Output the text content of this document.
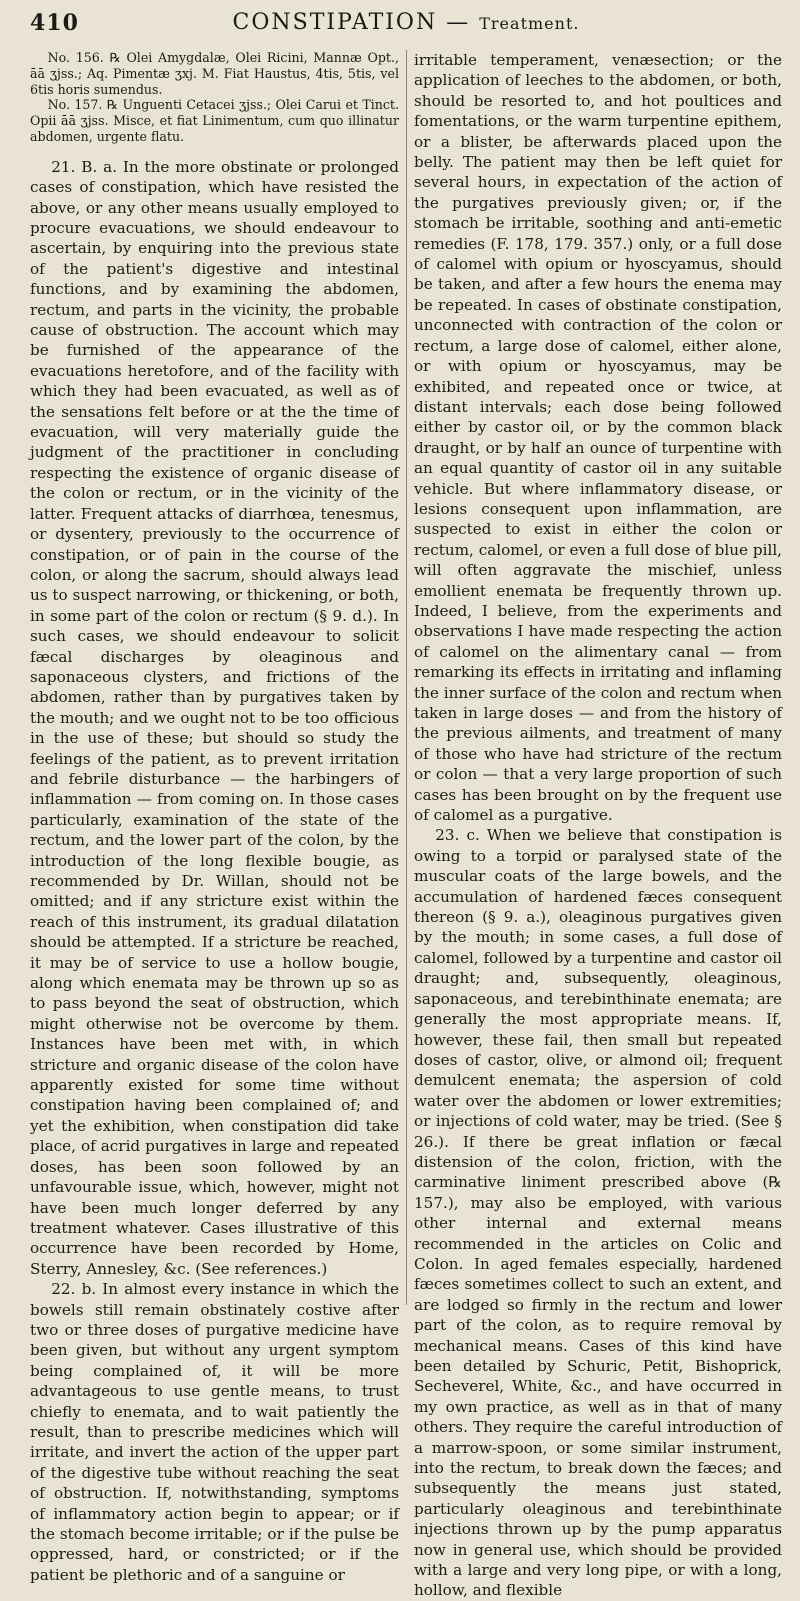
410	CONSTIPATION — Treatment.

No. 156. ℞ Olei Amygdalæ, Olei Ricini, Mannæ Opt., āā ʒjss.; Aq. Pimentæ ʒxj. M. Fiat Haustus, 4tis, 5tis, vel 6tis horis sumendus.

No. 157. ℞ Unguenti Cetacei ʒjss.; Olei Carui et Tinct. Opii āā ʒjss. Misce, et fiat Linimentum, cum quo illinatur abdomen, urgente flatu.

21. B. a. In the more obstinate or prolonged cases of constipation, which have resisted the above, or any other means usually employed to procure evacuations, we should endeavour to ascertain, by enquiring into the previous state of the patient's digestive and intestinal functions, and by examining the abdomen, rectum, and parts in the vicinity, the probable cause of obstruction. The account which may be furnished of the appearance of the evacuations heretofore, and of the facility with which they had been evacuated, as well as of the sensations felt before or at the the time of evacuation, will very materially guide the judgment of the practitioner in concluding respecting the existence of organic disease of the colon or rectum, or in the vicinity of the latter. Frequent attacks of diarrhœa, tenesmus, or dysentery, previously to the occurrence of constipation, or of pain in the course of the colon, or along the sacrum, should always lead us to suspect narrowing, or thickening, or both, in some part of the colon or rectum (§ 9. d.). In such cases, we should endeavour to solicit fæcal discharges by oleaginous and saponaceous clysters, and frictions of the abdomen, rather than by purgatives taken by the mouth; and we ought not to be too officious in the use of these; but should so study the feelings of the patient, as to prevent irritation and febrile disturbance — the harbingers of inflammation — from coming on. In those cases particularly, examination of the state of the rectum, and the lower part of the colon, by the introduction of the long flexible bougie, as recommended by Dr. Willan, should not be omitted; and if any stricture exist within the reach of this instrument, its gradual dilatation should be attempted. If a stricture be reached, it may be of service to use a hollow bougie, along which enemata may be thrown up so as to pass beyond the seat of obstruction, which might otherwise not be overcome by them. Instances have been met with, in which stricture and organic disease of the colon have apparently existed for some time without constipation having been complained of; and yet the exhibition, when constipation did take place, of acrid purgatives in large and repeated doses, has been soon followed by an unfavourable issue, which, however, might not have been much longer deferred by any treatment whatever. Cases illustrative of this occurrence have been recorded by Home, Sterry, Annesley, &c. (See references.)

22. b. In almost every instance in which the bowels still remain obstinately costive after two or three doses of purgative medicine have been given, but without any urgent symptom being complained of, it will be more advantageous to use gentle means, to trust chiefly to enemata, and to wait patiently the result, than to prescribe medicines which will irritate, and invert the action of the upper part of the digestive tube without reaching the seat of obstruction. If, notwithstanding, symptoms of inflammatory action begin to appear; or if the stomach become irritable; or if the pulse be oppressed, hard, or constricted; or if the patient be plethoric and of a sanguine or

irritable temperament, venæsection; or the application of leeches to the abdomen, or both, should be resorted to, and hot poultices and fomentations, or the warm turpentine epithem, or a blister, be afterwards placed upon the belly. The patient may then be left quiet for several hours, in expectation of the action of the purgatives previously given; or, if the stomach be irritable, soothing and anti-emetic remedies (F. 178, 179. 357.) only, or a full dose of calomel with opium or hyoscyamus, should be taken, and after a few hours the enema may be repeated. In cases of obstinate constipation, unconnected with contraction of the colon or rectum, a large dose of calomel, either alone, or with opium or hyoscyamus, may be exhibited, and repeated once or twice, at distant intervals; each dose being followed either by castor oil, or by the common black draught, or by half an ounce of turpentine with an equal quantity of castor oil in any suitable vehicle. But where inflammatory disease, or lesions consequent upon inflammation, are suspected to exist in either the colon or rectum, calomel, or even a full dose of blue pill, will often aggravate the mischief, unless emollient enemata be frequently thrown up. Indeed, I believe, from the experiments and observations I have made respecting the action of calomel on the alimentary canal — from remarking its effects in irritating and inflaming the inner surface of the colon and rectum when taken in large doses — and from the history of the previous ailments, and treatment of many of those who have had stricture of the rectum or colon — that a very large proportion of such cases has been brought on by the frequent use of calomel as a purgative.

23. c. When we believe that constipation is owing to a torpid or paralysed state of the muscular coats of the large bowels, and the accumulation of hardened fæces consequent thereon (§ 9. a.), oleaginous purgatives given by the mouth; in some cases, a full dose of calomel, followed by a turpentine and castor oil draught; and, subsequently, oleaginous, saponaceous, and terebinthinate enemata; are generally the most appropriate means. If, however, these fail, then small but repeated doses of castor, olive, or almond oil; frequent demulcent enemata; the aspersion of cold water over the abdomen or lower extremities; or injections of cold water, may be tried. (See § 26.). If there be great inflation or fæcal distension of the colon, friction, with the carminative liniment prescribed above (℞ 157.), may also be employed, with various other internal and external means recommended in the articles on Colic and Colon. In aged females especially, hardened fæces sometimes collect to such an extent, and are lodged so firmly in the rectum and lower part of the colon, as to require removal by mechanical means. Cases of this kind have been detailed by Schuric, Petit, Bishoprick, Secheverel, White, &c., and have occurred in my own practice, as well as in that of many others. They require the careful introduction of a marrow-spoon, or some similar instrument, into the rectum, to break down the fæces; and subsequently the means just stated, particularly oleaginous and terebinthinate injections thrown up by the pump apparatus now in general use, which should be provided with a large and very long pipe, or with a long, hollow, and flexible
